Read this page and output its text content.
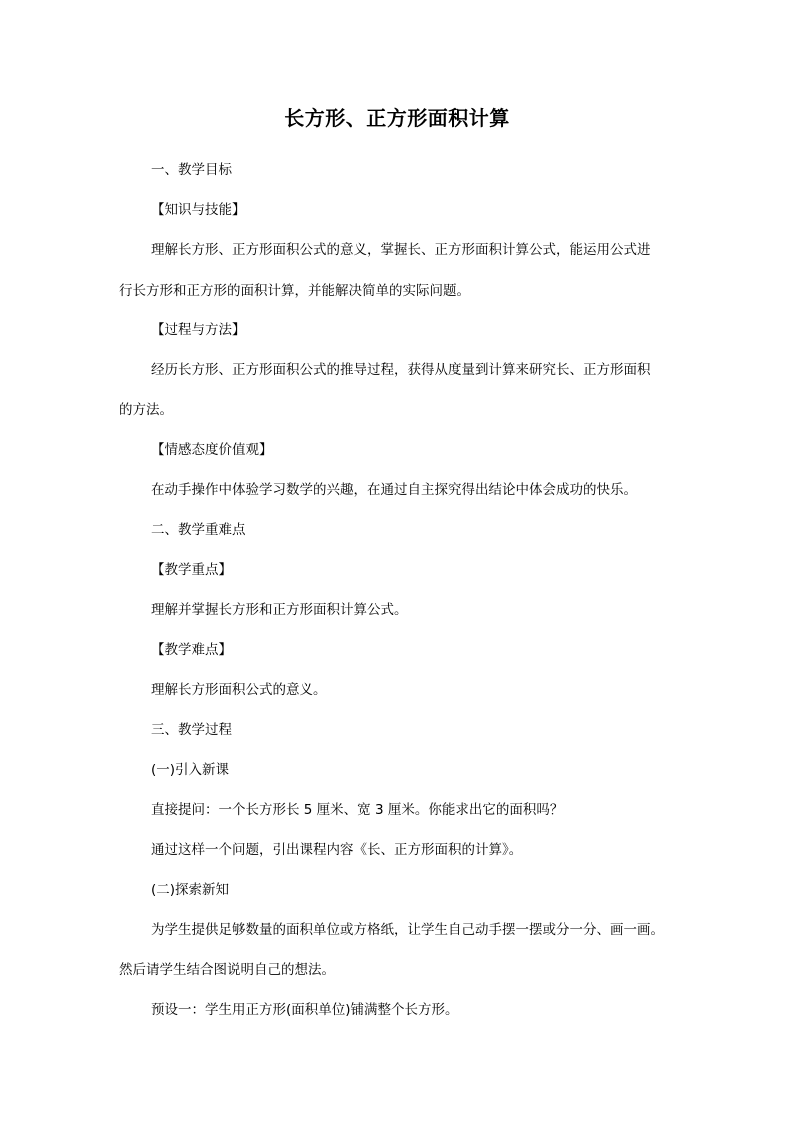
长方形、正方形面积计算
一、教学目标
【知识与技能】
理解长方形、正方形面积公式的意义，掌握长、正方形面积计算公式，能运用公式进
行长方形和正方形的面积计算，并能解决简单的实际问题。
【过程与方法】
经历长方形、正方形面积公式的推导过程，获得从度量到计算来研究长、正方形面积
的方法。
【情感态度价值观】
在动手操作中体验学习数学的兴趣，在通过自主探究得出结论中体会成功的快乐。
二、教学重难点
【教学重点】
理解并掌握长方形和正方形面积计算公式。
【教学难点】
理解长方形面积公式的意义。
三、教学过程
(一)引入新课
直接提问：一个长方形长 5 厘米、宽 3 厘米。你能求出它的面积吗？
通过这样一个问题，引出课程内容《长、正方形面积的计算》。
(二)探索新知
为学生提供足够数量的面积单位或方格纸，让学生自己动手摆一摆或分一分、画一画。
然后请学生结合图说明自己的想法。
预设一：学生用正方形(面积单位)铺满整个长方形。
